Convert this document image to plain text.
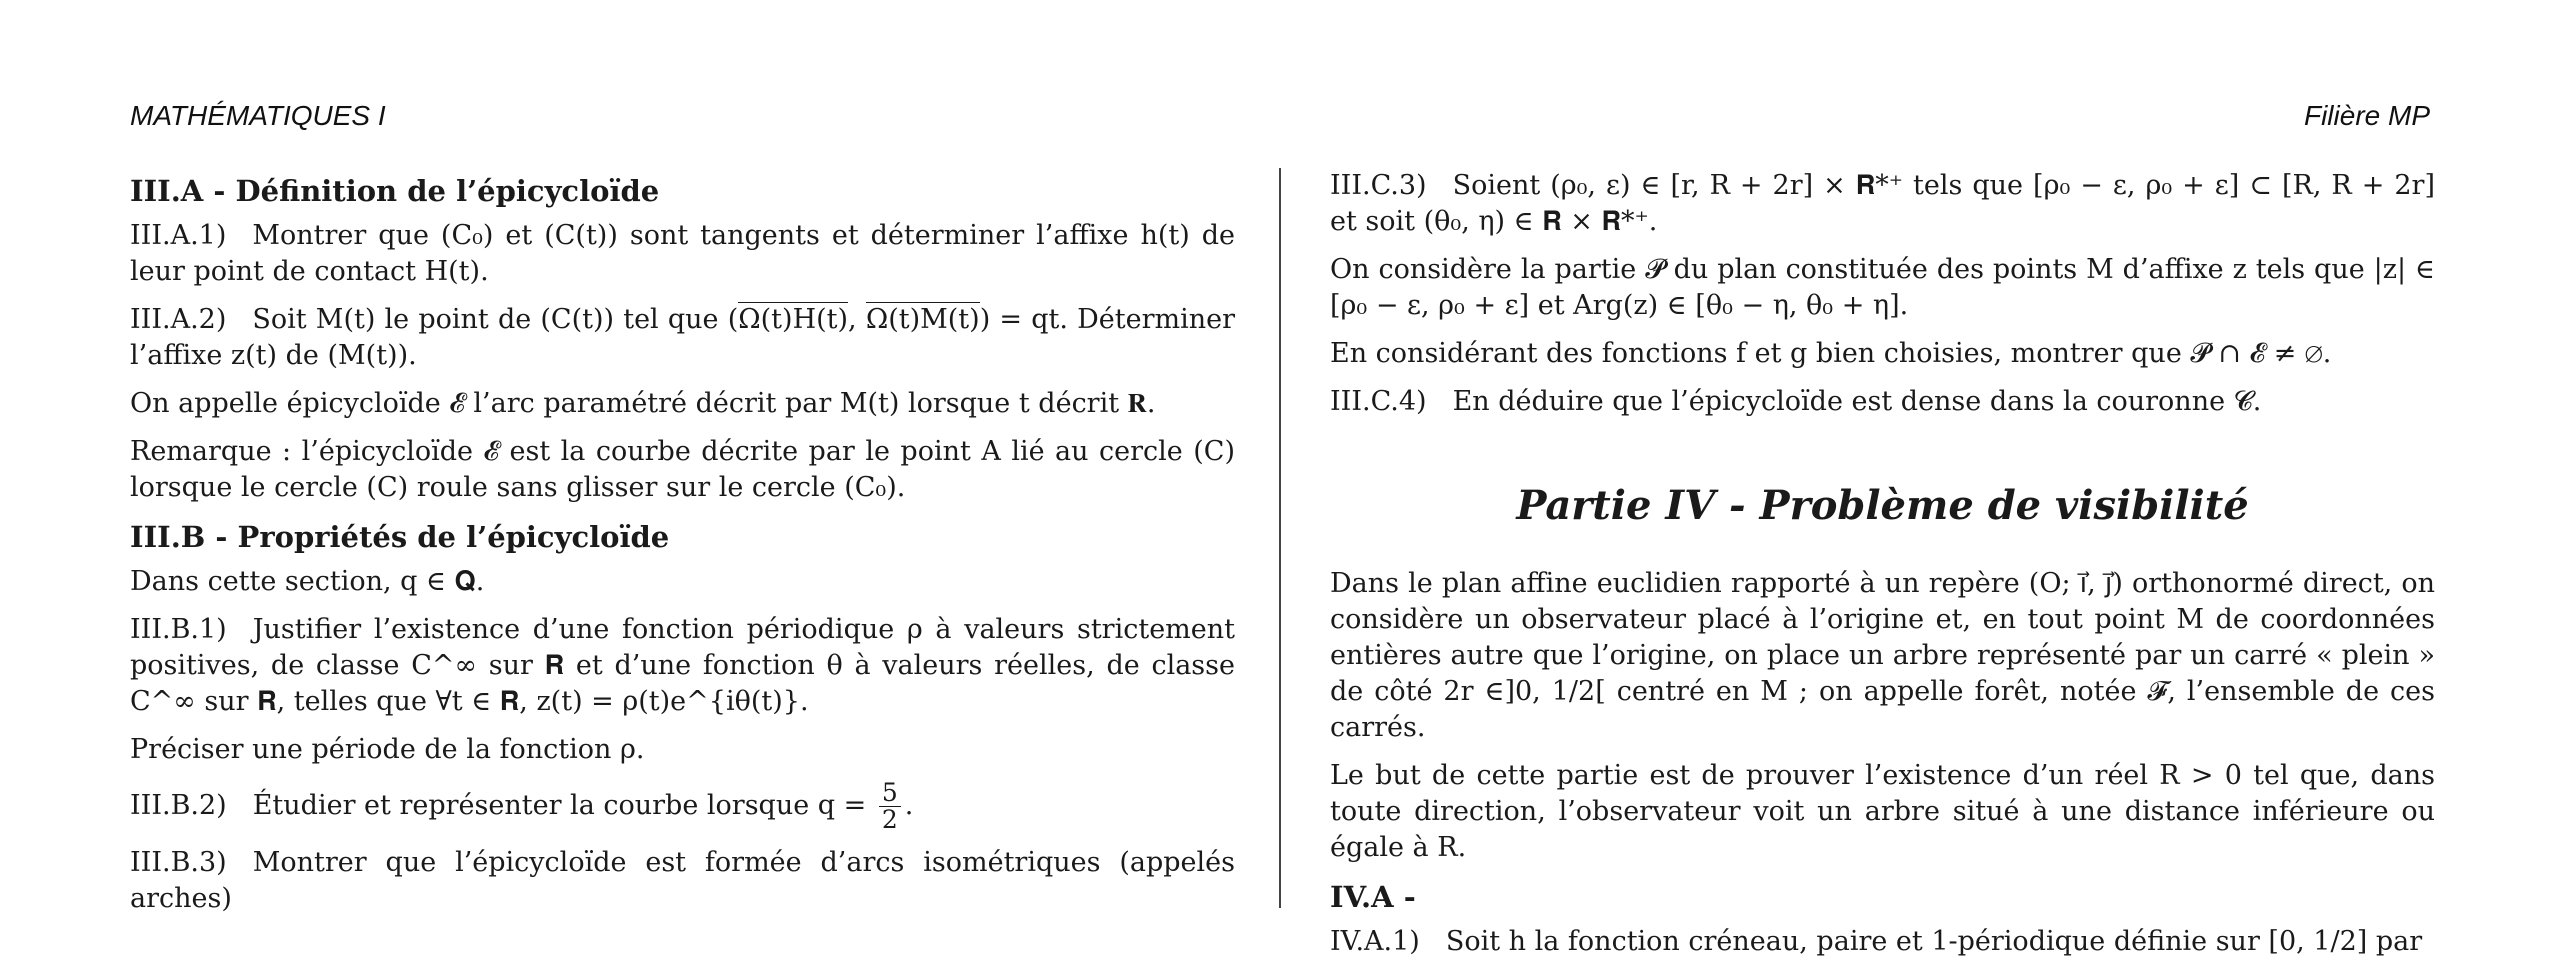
MATHÉMATIQUES I	Filière MP
III.A - Définition de l’épicycloïde

III.A.1) Montrer que (C₀) et (C(t)) sont tangents et déterminer l’affixe h(t) de leur point de contact H(t).

III.A.2) Soit M(t) le point de (C(t)) tel que (Ω(t)H(t), Ω(t)M(t)) = qt. Déterminer l’affixe z(t) de (M(t)).

On appelle épicycloïde 𝓔 l’arc paramétré décrit par M(t) lorsque t décrit 𝐑.

Remarque : l’épicycloïde 𝓔 est la courbe décrite par le point A lié au cercle (C) lorsque le cercle (C) roule sans glisser sur le cercle (C₀).

III.B - Propriétés de l’épicycloïde

Dans cette section, q ∈ 𝐐.

III.B.1) Justifier l’existence d’une fonction périodique ρ à valeurs strictement positives, de classe C^∞ sur 𝐑 et d’une fonction θ à valeurs réelles, de classe C^∞ sur 𝐑, telles que ∀t ∈ 𝐑, z(t) = ρ(t)e^{iθ(t)}.

Préciser une période de la fonction ρ.

III.B.2) Étudier et représenter la courbe lorsque $q = \frac{5}{2}$ .

III.B.3) Montrer que l’épicycloïde est formée d’arcs isométriques (appelés arches)

III.C.3) Soient (ρ₀, ε) ∈ [r, R + 2r] × 𝐑*⁺ tels que [ρ₀ − ε, ρ₀ + ε] ⊂ [R, R + 2r] et soit (θ₀, η) ∈ 𝐑 × 𝐑*⁺.

On considère la partie 𝓟 du plan constituée des points M d’affixe z tels que |z| ∈ [ρ₀ − ε, ρ₀ + ε] et Arg(z) ∈ [θ₀ − η, θ₀ + η].

En considérant des fonctions f et g bien choisies, montrer que 𝓟 ∩ 𝓔 ≠ ∅.

III.C.4) En déduire que l’épicycloïde est dense dans la couronne 𝓒.

Partie IV - Problème de visibilité

Dans le plan affine euclidien rapporté à un repère (O; ı⃗, ȷ⃗) orthonormé direct, on considère un observateur placé à l’origine et, en tout point M de coordonnées entières autre que l’origine, on place un arbre représenté par un carré « plein » de côté 2r ∈]0, 1/2[ centré en M ; on appelle forêt, notée 𝓕, l’ensemble de ces carrés.

Le but de cette partie est de prouver l’existence d’un réel R > 0 tel que, dans toute direction, l’observateur voit un arbre situé à une distance inférieure ou égale à R.

IV.A -

IV.A.1) Soit h la fonction créneau, paire et 1-périodique définie sur [0, 1/2] par
